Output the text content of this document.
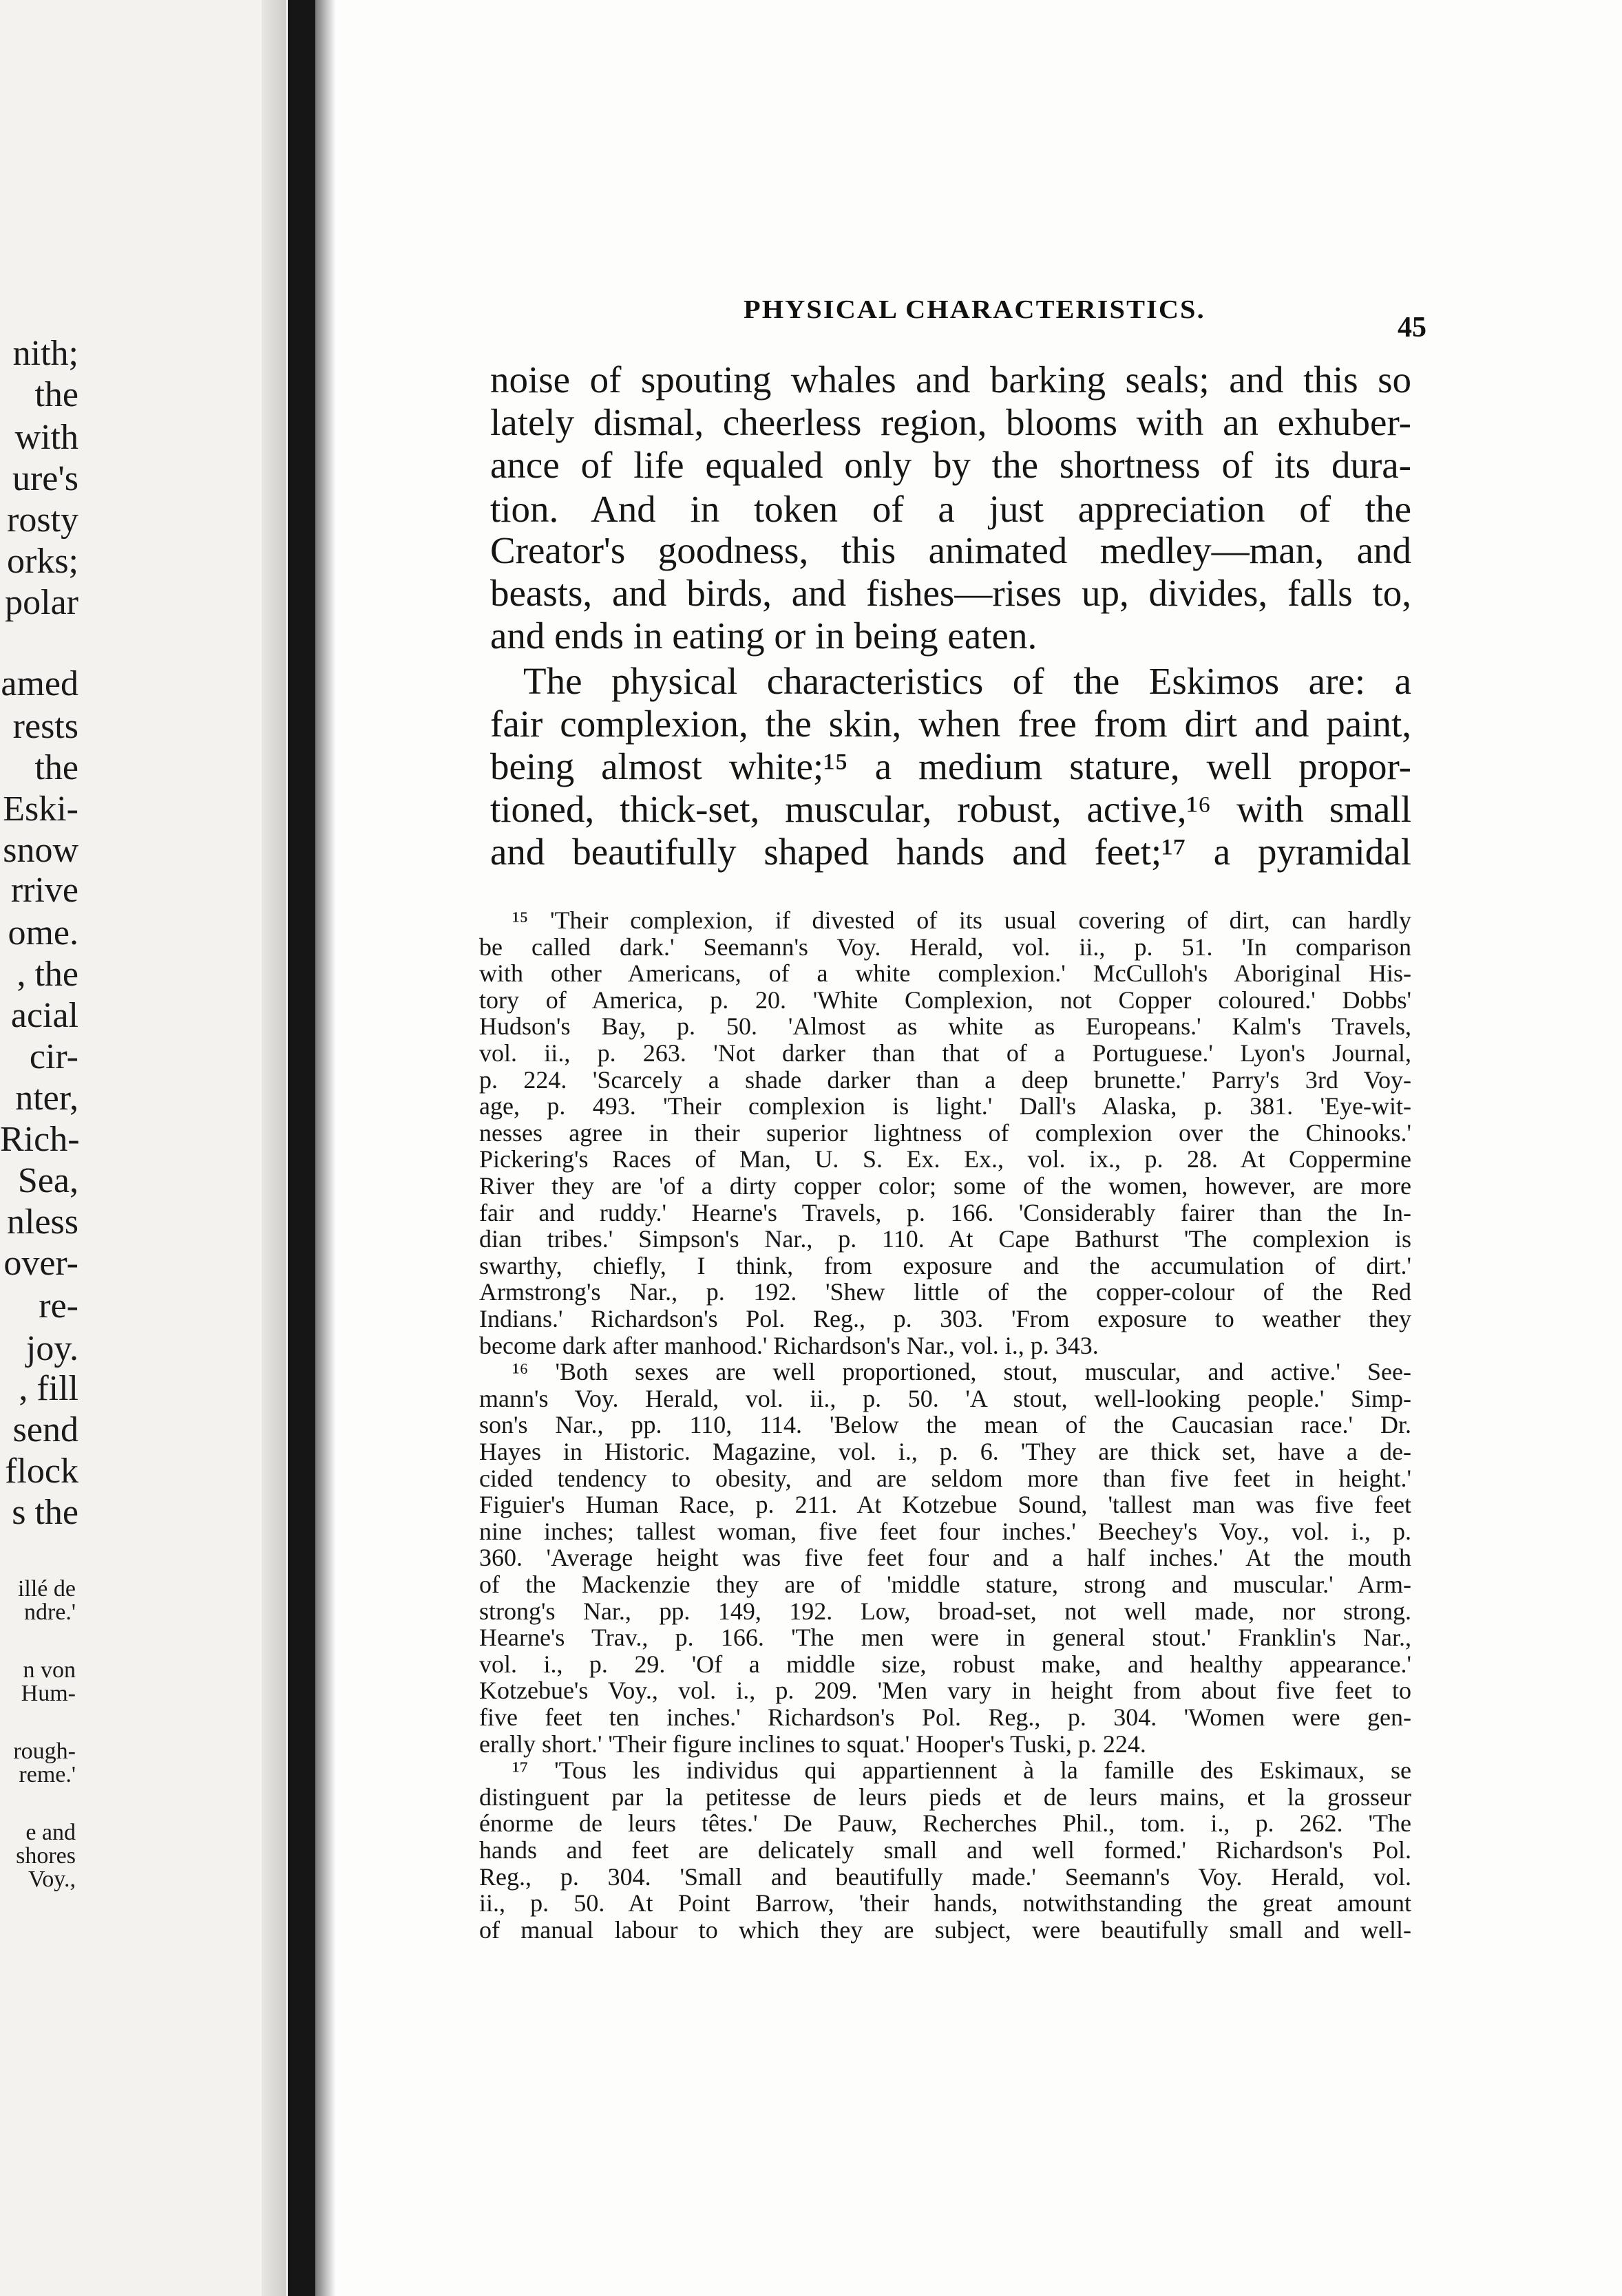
nith;
the
with
ure's
rosty
orks;
polar
amed
rests
the
Eski-
snow
rrive
ome.
, the
acial
cir-
nter,
Rich-
Sea,
nless
over-
re-
joy.
, fill
send
flock
s the
illé de
ndre.'
n von
Hum-
rough-
reme.'
e and
shores
Voy.,
PHYSICAL CHARACTERISTICS.
45
noise of spouting whales and barking seals; and this so
lately dismal, cheerless region, blooms with an exhuber-
ance of life equaled only by the shortness of its dura-
tion. And in token of a just appreciation of the
Creator's goodness, this animated medley—man, and
beasts, and birds, and fishes—rises up, divides, falls to,
and ends in eating or in being eaten.
The physical characteristics of the Eskimos are: a
fair complexion, the skin, when free from dirt and paint,
being almost white;¹⁵ a medium stature, well propor-
tioned, thick-set, muscular, robust, active,¹⁶ with small
and beautifully shaped hands and feet;¹⁷ a pyramidal
¹⁵ 'Their complexion, if divested of its usual covering of dirt, can hardly
be called dark.' Seemann's Voy. Herald, vol. ii., p. 51. 'In comparison
with other Americans, of a white complexion.' McCulloh's Aboriginal His-
tory of America, p. 20. 'White Complexion, not Copper coloured.' Dobbs'
Hudson's Bay, p. 50. 'Almost as white as Europeans.' Kalm's Travels,
vol. ii., p. 263. 'Not darker than that of a Portuguese.' Lyon's Journal,
p. 224. 'Scarcely a shade darker than a deep brunette.' Parry's 3rd Voy-
age, p. 493. 'Their complexion is light.' Dall's Alaska, p. 381. 'Eye-wit-
nesses agree in their superior lightness of complexion over the Chinooks.'
Pickering's Races of Man, U. S. Ex. Ex., vol. ix., p. 28. At Coppermine
River they are 'of a dirty copper color; some of the women, however, are more
fair and ruddy.' Hearne's Travels, p. 166. 'Considerably fairer than the In-
dian tribes.' Simpson's Nar., p. 110. At Cape Bathurst 'The complexion is
swarthy, chiefly, I think, from exposure and the accumulation of dirt.'
Armstrong's Nar., p. 192. 'Shew little of the copper-colour of the Red
Indians.' Richardson's Pol. Reg., p. 303. 'From exposure to weather they
become dark after manhood.' Richardson's Nar., vol. i., p. 343.
¹⁶ 'Both sexes are well proportioned, stout, muscular, and active.' See-
mann's Voy. Herald, vol. ii., p. 50. 'A stout, well-looking people.' Simp-
son's Nar., pp. 110, 114. 'Below the mean of the Caucasian race.' Dr.
Hayes in Historic. Magazine, vol. i., p. 6. 'They are thick set, have a de-
cided tendency to obesity, and are seldom more than five feet in height.'
Figuier's Human Race, p. 211. At Kotzebue Sound, 'tallest man was five feet
nine inches; tallest woman, five feet four inches.' Beechey's Voy., vol. i., p.
360. 'Average height was five feet four and a half inches.' At the mouth
of the Mackenzie they are of 'middle stature, strong and muscular.' Arm-
strong's Nar., pp. 149, 192. Low, broad-set, not well made, nor strong.
Hearne's Trav., p. 166. 'The men were in general stout.' Franklin's Nar.,
vol. i., p. 29. 'Of a middle size, robust make, and healthy appearance.'
Kotzebue's Voy., vol. i., p. 209. 'Men vary in height from about five feet to
five feet ten inches.' Richardson's Pol. Reg., p. 304. 'Women were gen-
erally short.' 'Their figure inclines to squat.' Hooper's Tuski, p. 224.
¹⁷ 'Tous les individus qui appartiennent à la famille des Eskimaux, se
distinguent par la petitesse de leurs pieds et de leurs mains, et la grosseur
énorme de leurs têtes.' De Pauw, Recherches Phil., tom. i., p. 262. 'The
hands and feet are delicately small and well formed.' Richardson's Pol.
Reg., p. 304. 'Small and beautifully made.' Seemann's Voy. Herald, vol.
ii., p. 50. At Point Barrow, 'their hands, notwithstanding the great amount
of manual labour to which they are subject, were beautifully small and well-
